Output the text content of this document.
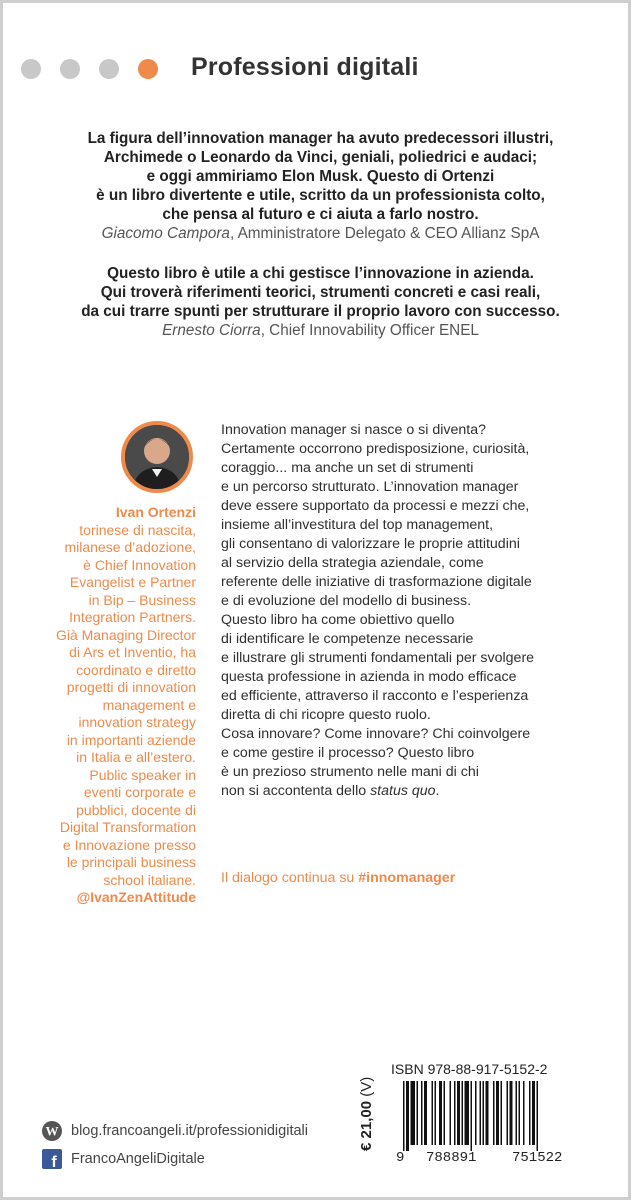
Professioni digitali
La figura dell’innovation manager ha avuto predecessori illustri,
Archimede o Leonardo da Vinci, geniali, poliedrici e audaci;
e oggi ammiriamo Elon Musk. Questo di Ortenzi
è un libro divertente e utile, scritto da un professionista colto,
che pensa al futuro e ci aiuta a farlo nostro.
Giacomo Campora, Amministratore Delegato & CEO Allianz SpA
Questo libro è utile a chi gestisce l’innovazione in azienda.
Qui troverà riferimenti teorici, strumenti concreti e casi reali,
da cui trarre spunti per strutturare il proprio lavoro con successo.
Ernesto Ciorra, Chief Innovability Officer ENEL
Ivan Ortenzi
torinese di nascita,
milanese d’adozione,
è Chief Innovation
Evangelist e Partner
in Bip – Business
Integration Partners.
Già Managing Director
di Ars et Inventio, ha
coordinato e diretto
progetti di innovation
management e
innovation strategy
in importanti aziende
in Italia e all’estero.
Public speaker in
eventi corporate e
pubblici, docente di
Digital Transformation
e Innovazione presso
le principali business
school italiane.
@IvanZenAttitude
Innovation manager si nasce o si diventa?
Certamente occorrono predisposizione, curiosità,
coraggio... ma anche un set di strumenti
e un percorso strutturato. L’innovation manager
deve essere supportato da processi e mezzi che,
insieme all’investitura del top management,
gli consentano di valorizzare le proprie attitudini
al servizio della strategia aziendale, come
referente delle iniziative di trasformazione digitale
e di evoluzione del modello di business.
Questo libro ha come obiettivo quello
di identificare le competenze necessarie
e illustrare gli strumenti fondamentali per svolgere
questa professione in azienda in modo efficace
ed efficiente, attraverso il racconto e l’esperienza
diretta di chi ricopre questo ruolo.
Cosa innovare? Come innovare? Chi coinvolgere
e come gestire il processo? Questo libro
è un prezioso strumento nelle mani di chi
non si accontenta dello status quo.
Il dialogo continua su #innomanager
ISBN 978-88-917-5152-2
€ 21,00 (V)
9 788891	751522
W blog.francoangeli.it/professionidigitali
f FrancoAngeliDigitale
